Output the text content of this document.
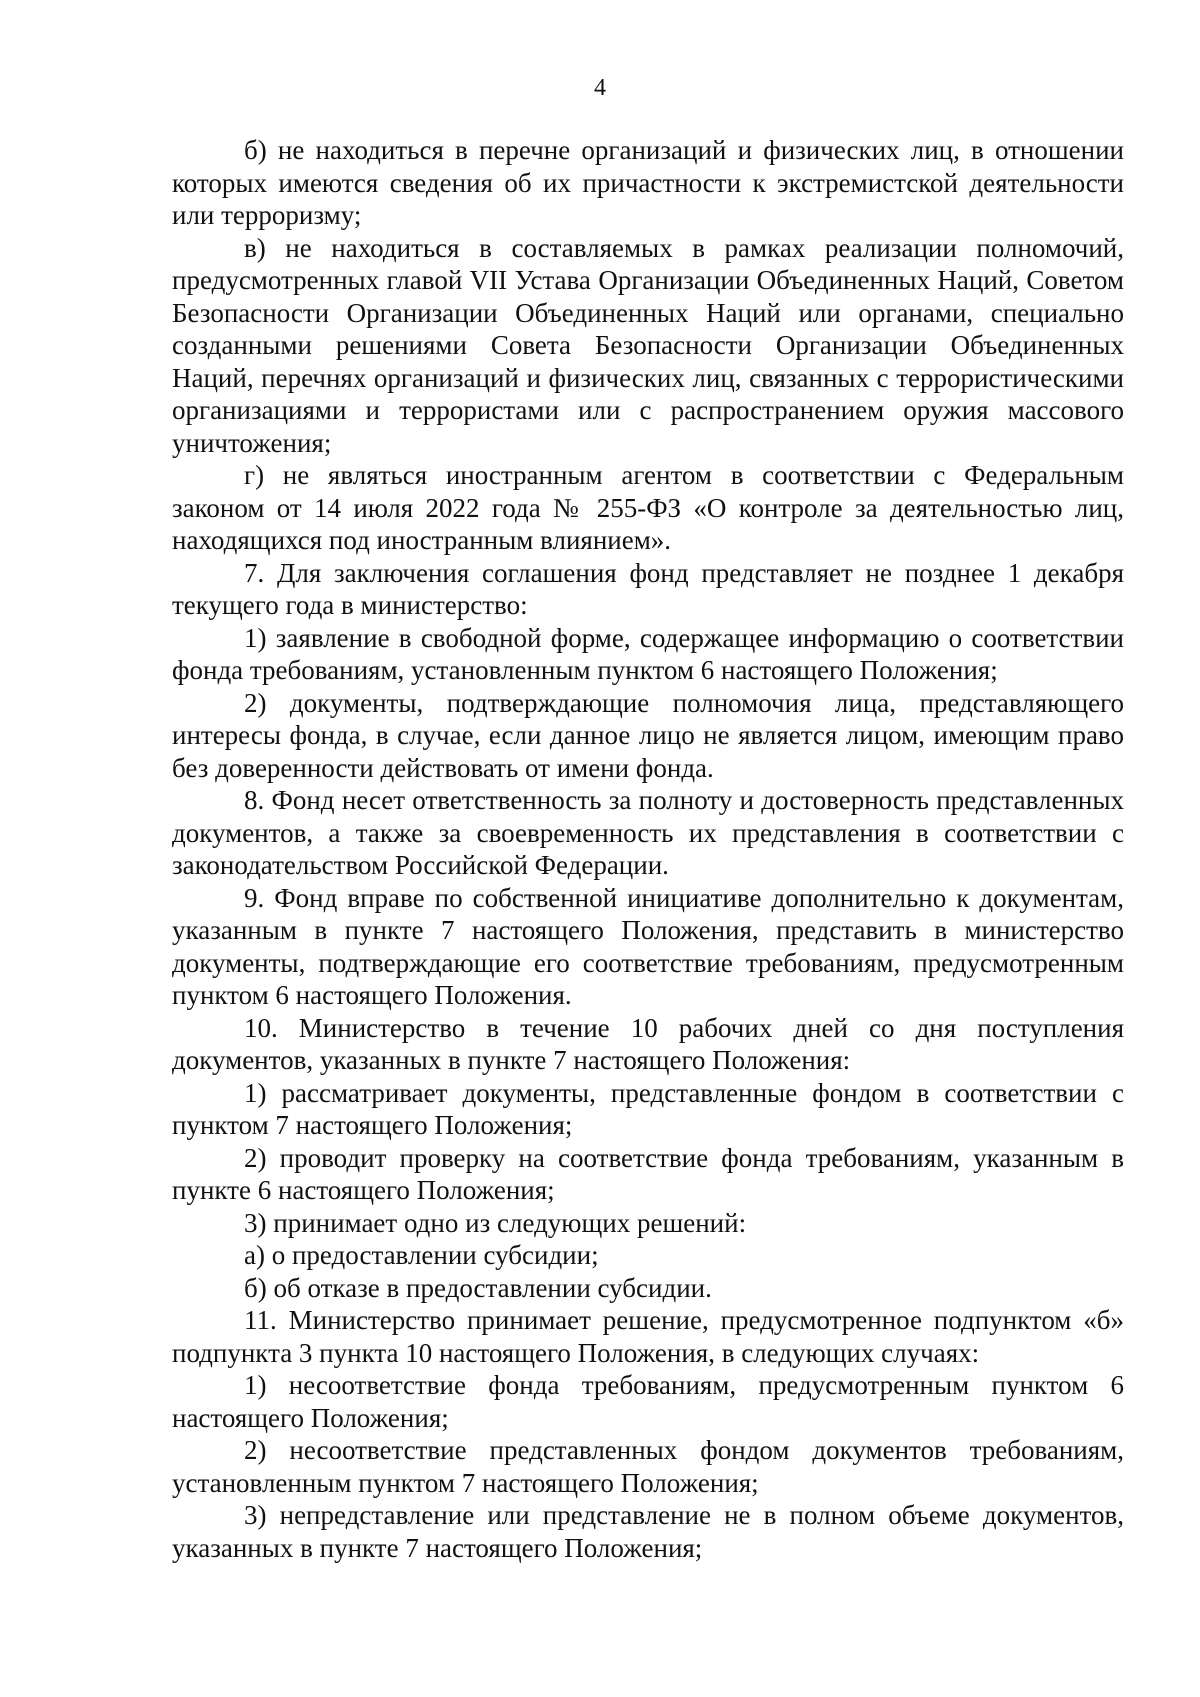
4

б) не находиться в перечне организаций и физических лиц, в отношении которых имеются сведения об их причастности к экстремистской деятельности или терроризму;

в) не находиться в составляемых в рамках реализации полномочий, предусмотренных главой VII Устава Организации Объединенных Наций, Советом Безопасности Организации Объединенных Наций или органами, специально созданными решениями Совета Безопасности Организации Объединенных Наций, перечнях организаций и физических лиц, связанных с террористическими организациями и террористами или с распространением оружия массового уничтожения;

г) не являться иностранным агентом в соответствии с Федеральным законом от 14 июля 2022 года № 255-ФЗ «О контроле за деятельностью лиц, находящихся под иностранным влиянием».

7. Для заключения соглашения фонд представляет не позднее 1 декабря текущего года в министерство:

1) заявление в свободной форме, содержащее информацию о соответствии фонда требованиям, установленным пунктом 6 настоящего Положения;

2) документы, подтверждающие полномочия лица, представляющего интересы фонда, в случае, если данное лицо не является лицом, имеющим право без доверенности действовать от имени фонда.

8. Фонд несет ответственность за полноту и достоверность представленных документов, а также за своевременность их представления в соответствии с законодательством Российской Федерации.

9. Фонд вправе по собственной инициативе дополнительно к документам, указанным в пункте 7 настоящего Положения, представить в министерство документы, подтверждающие его соответствие требованиям, предусмотренным пунктом 6 настоящего Положения.

10. Министерство в течение 10 рабочих дней со дня поступления документов, указанных в пункте 7 настоящего Положения:

1) рассматривает документы, представленные фондом в соответствии с пунктом 7 настоящего Положения;

2) проводит проверку на соответствие фонда требованиям, указанным в пункте 6 настоящего Положения;

3) принимает одно из следующих решений:

а) о предоставлении субсидии;

б) об отказе в предоставлении субсидии.

11. Министерство принимает решение, предусмотренное подпунктом «б» подпункта 3 пункта 10 настоящего Положения, в следующих случаях:

1) несоответствие фонда требованиям, предусмотренным пунктом 6 настоящего Положения;

2) несоответствие представленных фондом документов требованиям, установленным пунктом 7 настоящего Положения;

3) непредставление или представление не в полном объеме документов, указанных в пункте 7 настоящего Положения;
